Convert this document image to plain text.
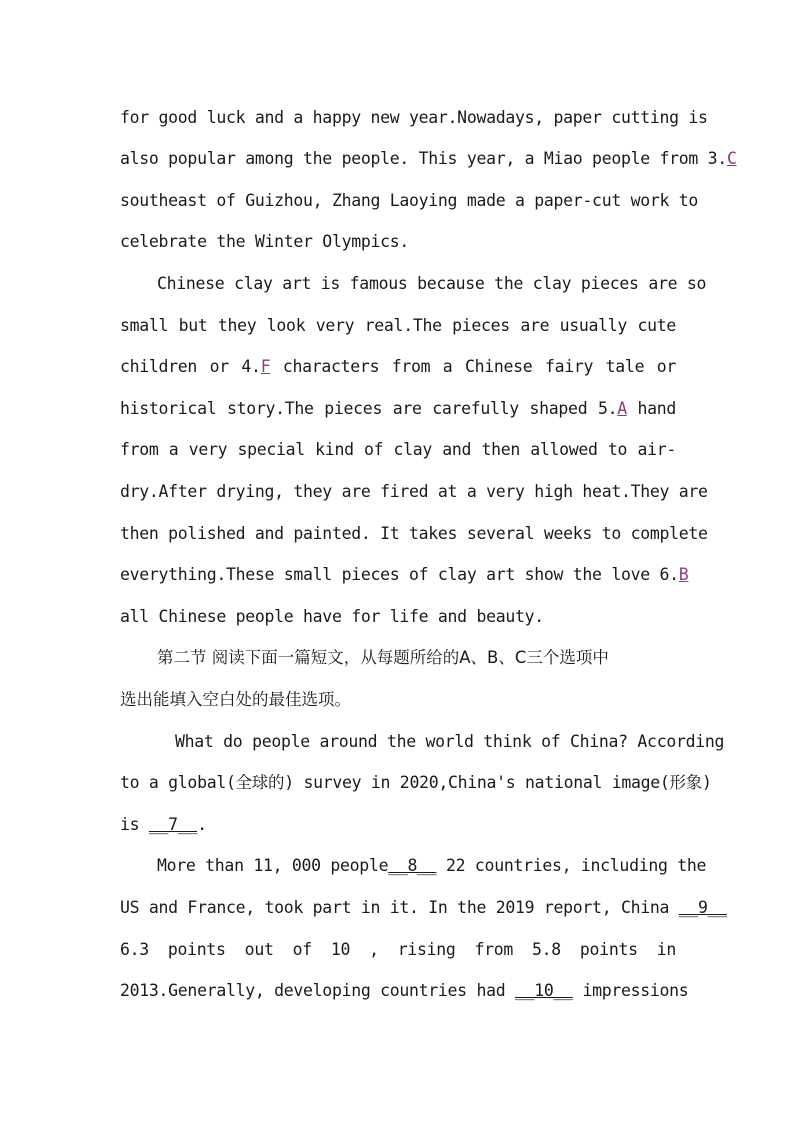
for good luck and a happy new year.Nowadays, paper cutting is
also popular among the people. This year, a Miao people from 3.C
southeast of Guizhou, Zhang Laoying made a paper-cut work to
celebrate the Winter Olympics.
Chinese clay art is famous because the clay pieces are so
small but they look very real.The pieces are usually cute
children or 4.F characters from a Chinese fairy tale or
historical story.The pieces are carefully shaped 5.A hand
from a very special kind of clay and then allowed to air-
dry.After drying, they are fired at a very high heat.They are
then polished and painted. It takes several weeks to complete
everything.These small pieces of clay art show the love 6.B
all Chinese people have for life and beauty.
第二节 阅读下面一篇短文，从每题所给的A、B、C三个选项中
选出能填入空白处的最佳选项。
What do people around the world think of China? According
to a global(全球的) survey in 2020,China's national image(形象)
is __7__.
More than 11, 000 people__8__ 22 countries, including the
US and France, took part in it. In the 2019 report, China __9__
6.3 points out of 10 , rising from 5.8 points in
2013.Generally, developing countries had __10__ impressions
